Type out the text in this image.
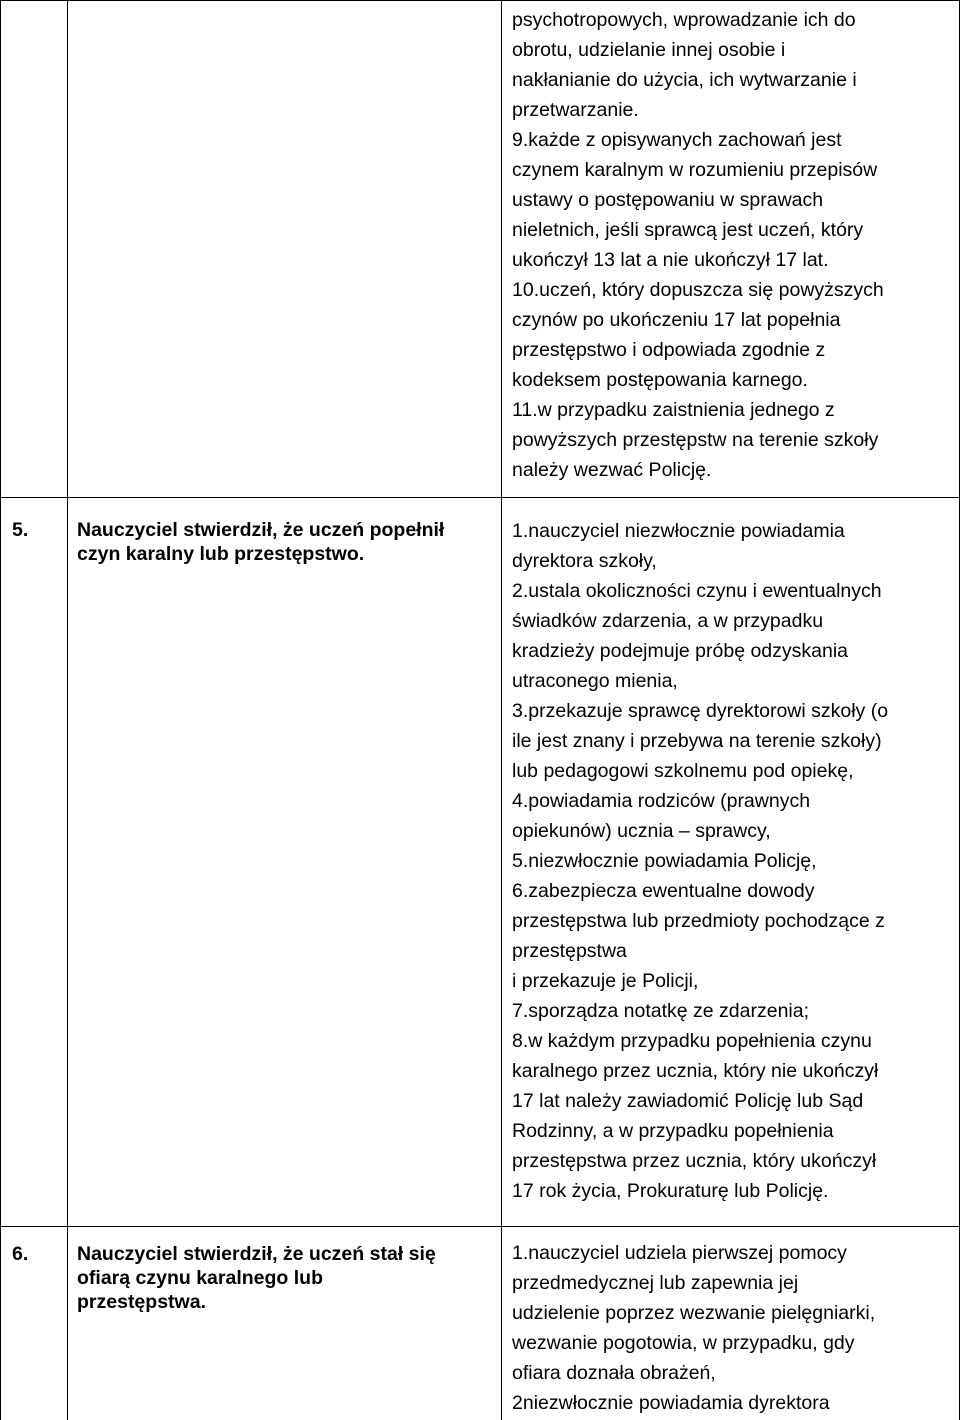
psychotropowych, wprowadzanie ich do
obrotu, udzielanie innej osobie i
nakłanianie do użycia, ich wytwarzanie i
przetwarzanie.
9.każde z opisywanych zachowań jest
czynem karalnym w rozumieniu przepisów
ustawy o postępowaniu w sprawach
nieletnich, jeśli sprawcą jest uczeń, który
ukończył 13 lat a nie ukończył 17 lat.
10.uczeń, który dopuszcza się powyższych
czynów po ukończeniu 17 lat popełnia
przestępstwo i odpowiada zgodnie z
kodeksem postępowania karnego.
11.w przypadku zaistnienia jednego z
powyższych przestępstw na terenie szkoły
należy wezwać Policję.
5. Nauczyciel stwierdził, że uczeń popełnił
czyn karalny lub przestępstwo.
1.nauczyciel niezwłocznie powiadamia
dyrektora szkoły,
2.ustala okoliczności czynu i ewentualnych
świadków zdarzenia, a w przypadku
kradzieży podejmuje próbę odzyskania
utraconego mienia,
3.przekazuje sprawcę dyrektorowi szkoły (o
ile jest znany i przebywa na terenie szkoły)
lub pedagogowi szkolnemu pod opiekę,
4.powiadamia rodziców (prawnych
opiekunów) ucznia – sprawcy,
5.niezwłocznie powiadamia Policję,
6.zabezpiecza ewentualne dowody
przestępstwa lub przedmioty pochodzące z
przestępstwa
i przekazuje je Policji,
7.sporządza notatkę ze zdarzenia;
8.w każdym przypadku popełnienia czynu
karalnego przez ucznia, który nie ukończył
17 lat należy zawiadomić Policję lub Sąd
Rodzinny, a w przypadku popełnienia
przestępstwa przez ucznia, który ukończył
17 rok życia, Prokuraturę lub Policję.
6. Nauczyciel stwierdził, że uczeń stał się
ofiarą czynu karalnego lub
przestępstwa.
1.nauczyciel udziela pierwszej pomocy
przedmedycznej lub zapewnia jej
udzielenie poprzez wezwanie pielęgniarki,
wezwanie pogotowia, w przypadku, gdy
ofiara doznała obrażeń,
2niezwłocznie powiadamia dyrektora
